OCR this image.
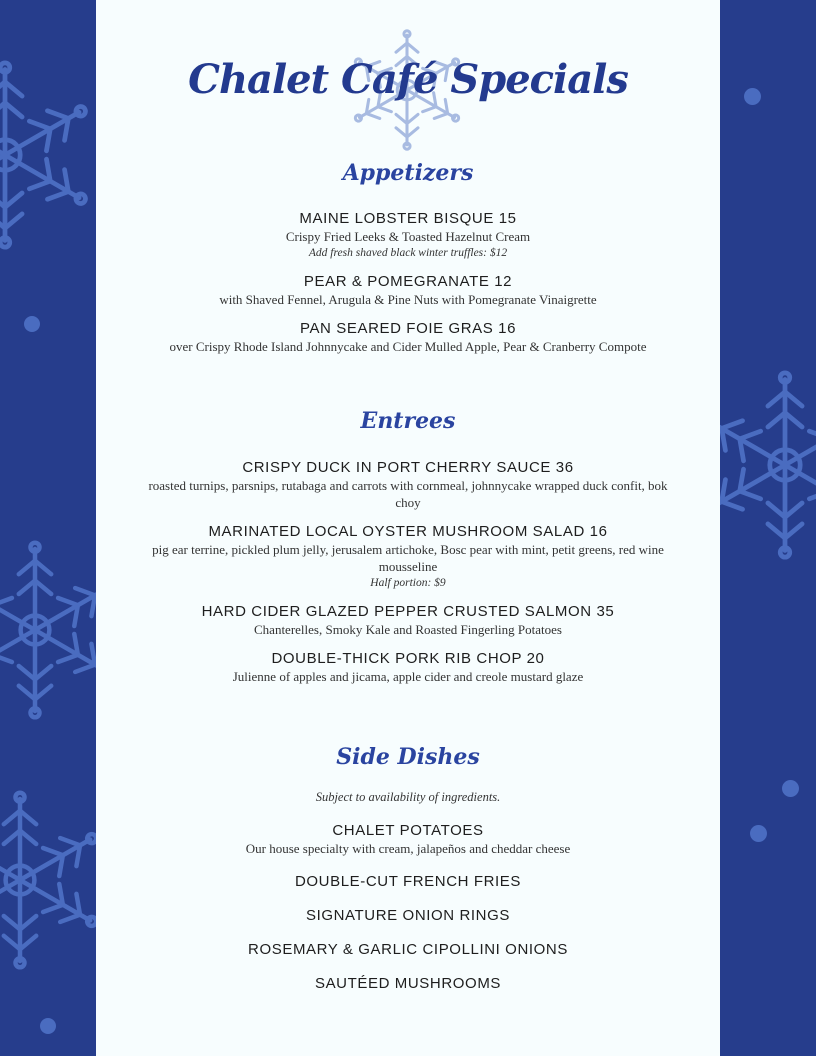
Chalet Café Specials
Appetizers
MAINE LOBSTER BISQUE 15
Crispy Fried Leeks & Toasted Hazelnut Cream
Add fresh shaved black winter truffles: $12
PEAR & POMEGRANATE 12
with Shaved Fennel, Arugula & Pine Nuts with Pomegranate Vinaigrette
PAN SEARED FOIE GRAS 16
over Crispy Rhode Island Johnnycake and Cider Mulled Apple, Pear & Cranberry Compote
Entrees
CRISPY DUCK IN PORT CHERRY SAUCE 36
roasted turnips, parsnips, rutabaga and carrots with cornmeal, johnnycake wrapped duck confit, bok choy
MARINATED LOCAL OYSTER MUSHROOM SALAD 16
pig ear terrine, pickled plum jelly, jerusalem artichoke, Bosc pear with mint, petit greens, red wine mousseline
Half portion: $9
HARD CIDER GLAZED PEPPER CRUSTED SALMON 35
Chanterelles, Smoky Kale and Roasted Fingerling Potatoes
DOUBLE-THICK PORK RIB CHOP 20
Julienne of apples and jicama, apple cider and creole mustard glaze
Side Dishes
Subject to availability of ingredients.
CHALET POTATOES
Our house specialty with cream, jalapeños and cheddar cheese
DOUBLE-CUT FRENCH FRIES
SIGNATURE ONION RINGS
ROSEMARY & GARLIC CIPOLLINI ONIONS
SAUTÉED MUSHROOMS
